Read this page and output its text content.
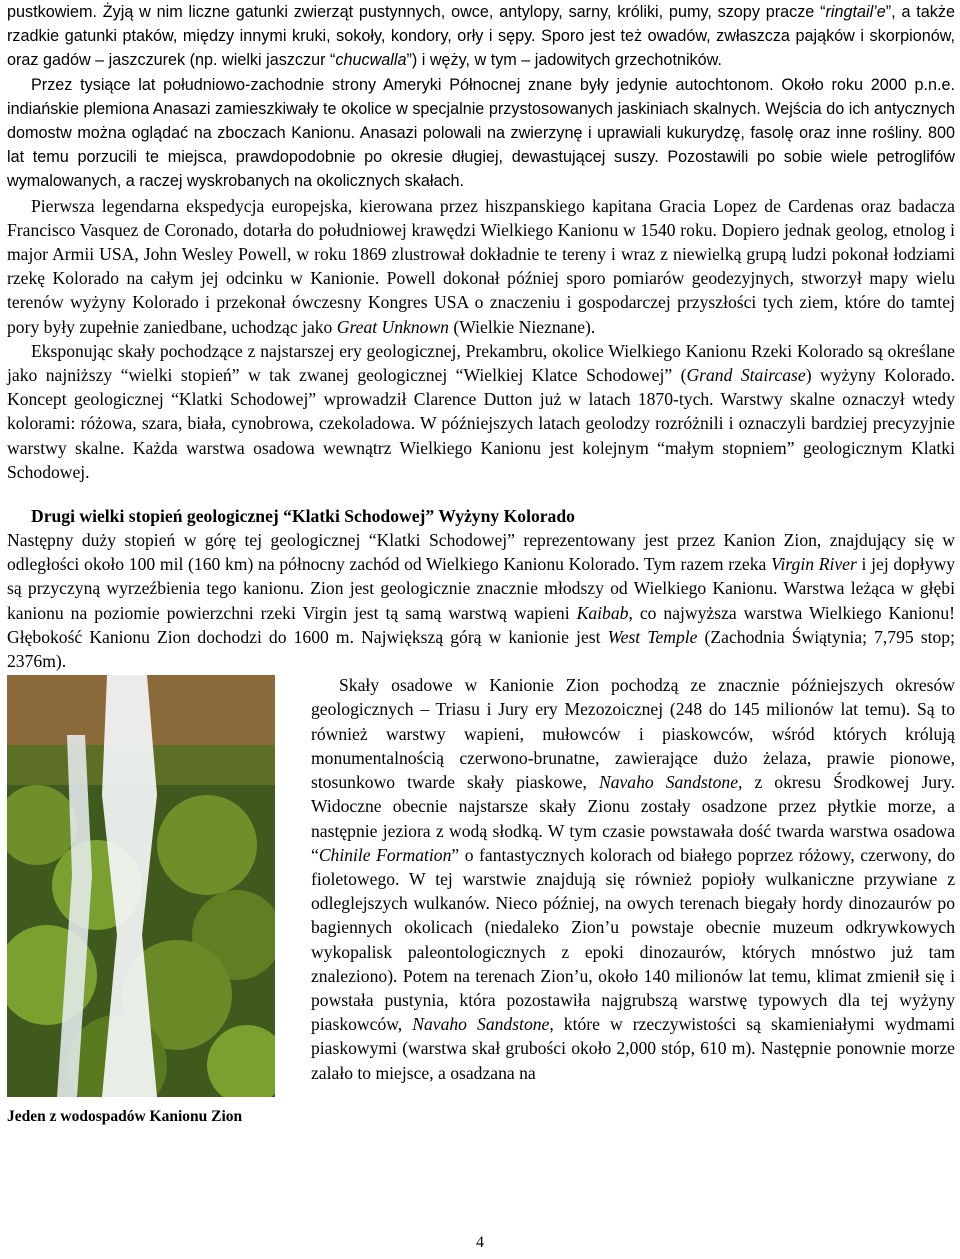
pustkowiem. Żyją w nim liczne gatunki zwierząt pustynnych, owce, antylopy, sarny, króliki, pumy, szopy pracze “ringtail’e”, a także rzadkie gatunki ptaków, między innymi kruki, sokoły, kondory, orły i sępy. Sporo jest też owadów, zwłaszcza pająków i skorpionów, oraz gadów – jaszczurek (np. wielki jaszczur “chucwalla”) i węży, w tym – jadowitych grzechotników.

Przez tysiące lat południowo-zachodnie strony Ameryki Północnej znane były jedynie autochtonom. Około roku 2000 p.n.e. indiańskie plemiona Anasazi zamieszkiwały te okolice w specjalnie przystosowanych jaskiniach skalnych. Wejścia do ich antycznych domostw można oglądać na zboczach Kanionu. Anasazi polowali na zwierzynę i uprawiali kukurydzę, fasolę oraz inne rośliny. 800 lat temu porzucili te miejsca, prawdopodobnie po okresie długiej, dewastującej suszy. Pozostawili po sobie wiele petroglifów wymalowanych, a raczej wyskrobanych na okolicznych skałach.

Pierwsza legendarna ekspedycja europejska, kierowana przez hiszpanskiego kapitana Gracia Lopez de Cardenas oraz badacza Francisco Vasquez de Coronado, dotarła do południowej krawędzi Wielkiego Kanionu w 1540 roku. Dopiero jednak geolog, etnolog i major Armii USA, John Wesley Powell, w roku 1869 zlustrował dokładnie te tereny i wraz z niewielką grupą ludzi pokonał łodziami rzekę Kolorado na całym jej odcinku w Kanionie. Powell dokonał później sporo pomiarów geodezyjnych, stworzył mapy wielu terenów wyżyny Kolorado i przekonał ówczesny Kongres USA o znaczeniu i gospodarczej przyszłości tych ziem, które do tamtej pory były zupełnie zaniedbane, uchodząc jako Great Unknown (Wielkie Nieznane).

Eksponując skały pochodzące z najstarszej ery geologicznej, Prekambru, okolice Wielkiego Kanionu Rzeki Kolorado są określane jako najniższy “wielki stopień” w tak zwanej geologicznej “Wielkiej Klatce Schodowej” (Grand Staircase) wyżyny Kolorado. Koncept geologicznej “Klatki Schodowej” wprowadził Clarence Dutton już w latach 1870-tych. Warstwy skalne oznaczył wtedy kolorami: różowa, szara, biała, cynobrowa, czekoladowa. W późniejszych latach geolodzy rozróżnili i oznaczyli bardziej precyzyjnie warstwy skalne. Każda warstwa osadowa wewnątrz Wielkiego Kanionu jest kolejnym “małym stopniem” geologicznym Klatki Schodowej.

Drugi wielki stopień geologicznej “Klatki Schodowej” Wyżyny Kolorado

Następny duży stopień w górę tej geologicznej “Klatki Schodowej” reprezentowany jest przez Kanion Zion, znajdujący się w odległości około 100 mil (160 km) na północny zachód od Wielkiego Kanionu Kolorado. Tym razem rzeka Virgin River i jej dopływy są przyczyną wyrzeźbienia tego kanionu. Zion jest geologicznie znacznie młodszy od Wielkiego Kanionu. Warstwa leżąca w głębi kanionu na poziomie powierzchni rzeki Virgin jest tą samą warstwą wapieni Kaibab, co najwyższa warstwa Wielkiego Kanionu! Głębokość Kanionu Zion dochodzi do 1600 m. Największą górą w kanionie jest West Temple (Zachodnia Świątynia; 7,795 stop; 2376m).

Jeden z wodospadów Kanionu Zion

Skały osadowe w Kanionie Zion pochodzą ze znacznie późniejszych okresów geologicznych – Triasu i Jury ery Mezozoicznej (248 do 145 milionów lat temu). Są to również warstwy wapieni, mułowców i piaskowców, wśród których królują monumentalnością czerwono-brunatne, zawierające dużo żelaza, prawie pionowe, stosunkowo twarde skały piaskowe, Navaho Sandstone, z okresu Środkowej Jury. Widoczne obecnie najstarsze skały Zionu zostały osadzone przez płytkie morze, a następnie jeziora z wodą słodką. W tym czasie powstawała dość twarda warstwa osadowa “Chinile Formation” o fantastycznych kolorach od białego poprzez różowy, czerwony, do fioletowego. W tej warstwie znajdują się również popioły wulkaniczne przywiane z odleglejszych wulkanów. Nieco później, na owych terenach biegały hordy dinozaurów po bagiennych okolicach (niedaleko Zion’u powstaje obecnie muzeum odkrywkowych wykopalisk paleontologicznych z epoki dinozaurów, których mnóstwo już tam znaleziono). Potem na terenach Zion’u, około 140 milionów lat temu, klimat zmienił się i powstała pustynia, która pozostawiła najgrubszą warstwę typowych dla tej wyżyny piaskowców, Navaho Sandstone, które w rzeczywistości są skamieniałymi wydmami piaskowymi (warstwa skał grubości około 2,000 stóp, 610 m). Następnie ponownie morze zalało to miejsce, a osadzana na

4
